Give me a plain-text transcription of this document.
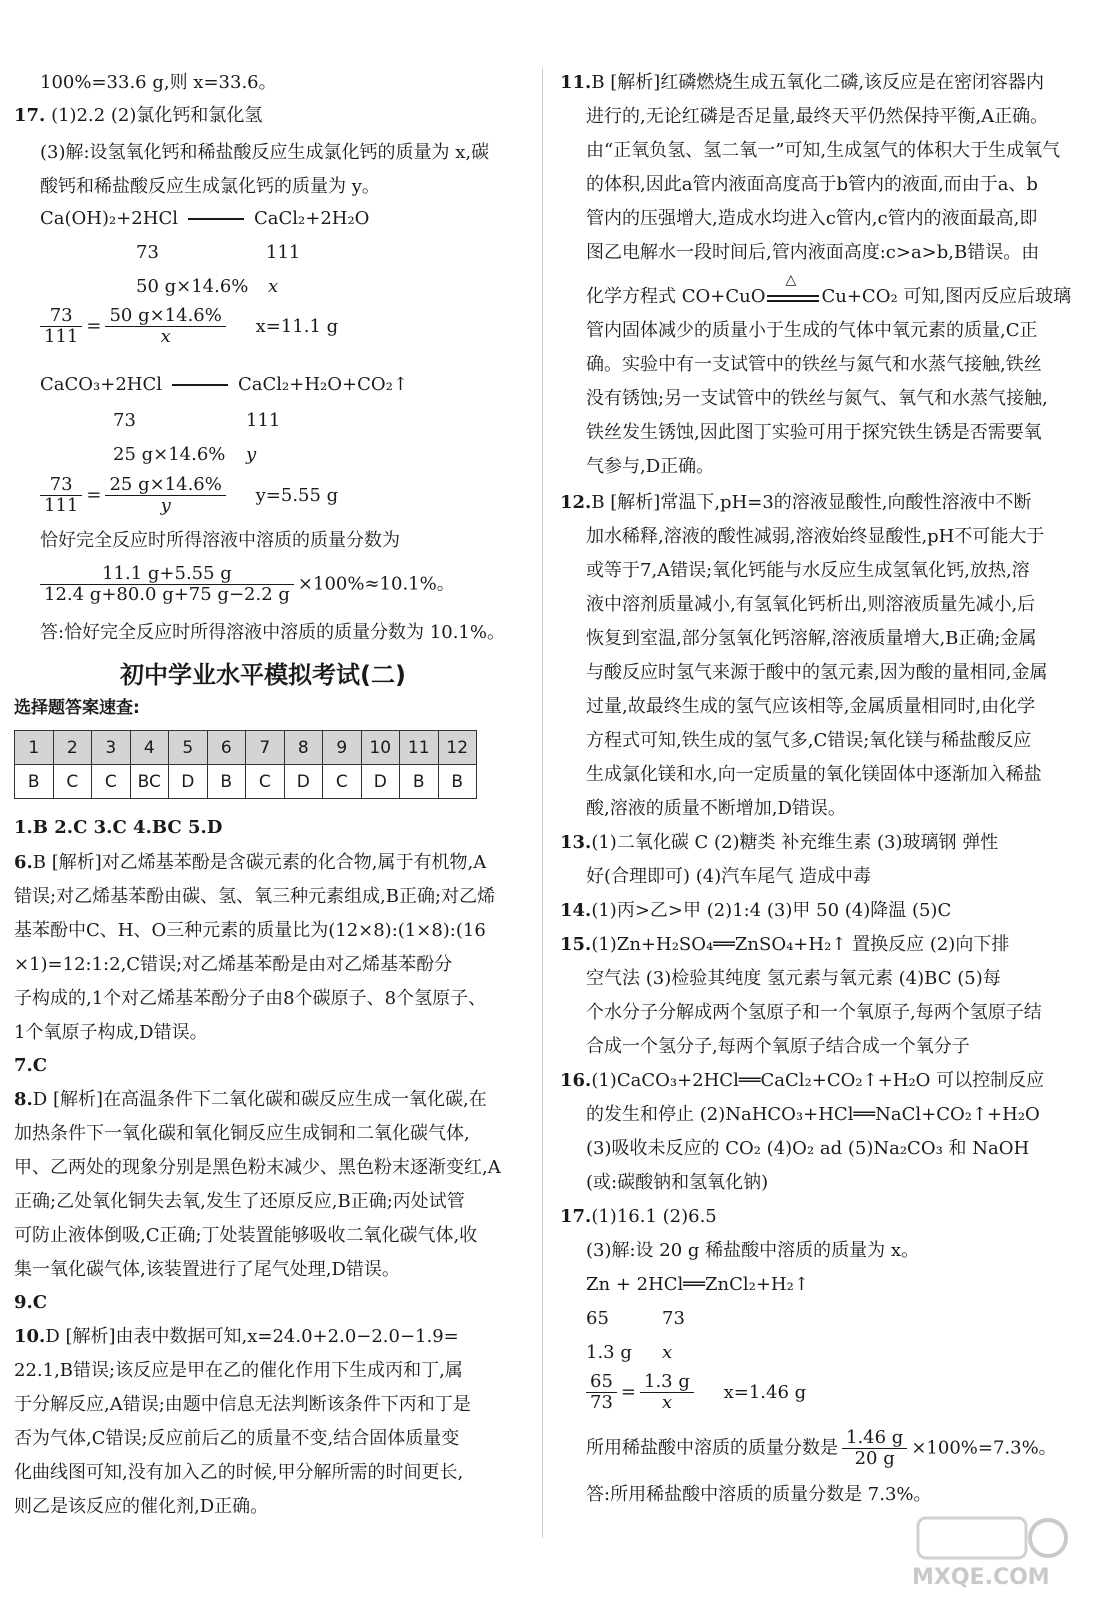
100%=33.6 g,则 x=33.6。
17. (1)2.2 (2)氯化钙和氯化氢
(3)解:设氢氧化钙和稀盐酸反应生成氯化钙的质量为 x,碳
酸钙和稀盐酸反应生成氯化钙的质量为 y。
Ca(OH)₂+2HCl	CaCl₂+2H₂O
73	111
50 g×14.6% x
$\frac{73}{111} = \frac{50 g\times 14.6\%}{x} x=11.1$ g
CaCO₃+2HCl	CaCl₂+H₂O+CO₂↑
73	111
25 g×14.6% y
$\frac{73}{111} = \frac{25 g\times 14.6\%}{y} y=5.55$ g
恰好完全反应时所得溶液中溶质的质量分数为
$\frac{11.1 g+5.55 g}{12.4 g+80.0 g+75 g-2.2 g} \times 100\%\approx 10.1\%$。
答:恰好完全反应时所得溶液中溶质的质量分数为 10.1%。
初中学业水平模拟考试(二)
选择题答案速查:
1	2	3	4	5	6	7	8	9	10	11	12
B	C	C	BC	D	B	C	D	C	D	B	B
1.B 2.C 3.C 4.BC 5.D
6.B [解析]对乙烯基苯酚是含碳元素的化合物,属于有机物,A
错误;对乙烯基苯酚由碳、氢、氧三种元素组成,B正确;对乙烯
基苯酚中C、H、O三种元素的质量比为(12×8):(1×8):(16
×1)=12:1:2,C错误;对乙烯基苯酚是由对乙烯基苯酚分
子构成的,1个对乙烯基苯酚分子由8个碳原子、8个氢原子、
1个氧原子构成,D错误。
7.C
8.D [解析]在高温条件下二氧化碳和碳反应生成一氧化碳,在
加热条件下一氧化碳和氧化铜反应生成铜和二氧化碳气体,
甲、乙两处的现象分别是黑色粉末减少、黑色粉末逐渐变红,A
正确;乙处氧化铜失去氧,发生了还原反应,B正确;丙处试管
可防止液体倒吸,C正确;丁处装置能够吸收二氧化碳气体,收
集一氧化碳气体,该装置进行了尾气处理,D错误。
9.C
10.D [解析]由表中数据可知,x=24.0+2.0−2.0−1.9=
22.1,B错误;该反应是甲在乙的催化作用下生成丙和丁,属
于分解反应,A错误;由题中信息无法判断该条件下丙和丁是
否为气体,C错误;反应前后乙的质量不变,结合固体质量变
化曲线图可知,没有加入乙的时候,甲分解所需的时间更长,
则乙是该反应的催化剂,D正确。
11.B [解析]红磷燃烧生成五氧化二磷,该反应是在密闭容器内
进行的,无论红磷是否足量,最终天平仍然保持平衡,A正确。
由“正氧负氢、氢二氧一”可知,生成氢气的体积大于生成氧气
的体积,因此a管内液面高度高于b管内的液面,而由于a、b
管内的压强增大,造成水均进入c管内,c管内的液面最高,即
图乙电解水一段时间后,管内液面高度:c>a>b,B错误。由
化学方程式 CO+CuO
△
Cu+CO₂ 可知,图丙反应后玻璃
管内固体减少的质量小于生成的气体中氧元素的质量,C正
确。实验中有一支试管中的铁丝与氮气和水蒸气接触,铁丝
没有锈蚀;另一支试管中的铁丝与氮气、氧气和水蒸气接触,
铁丝发生锈蚀,因此图丁实验可用于探究铁生锈是否需要氧
气参与,D正确。
12.B [解析]常温下,pH=3的溶液显酸性,向酸性溶液中不断
加水稀释,溶液的酸性减弱,溶液始终显酸性,pH不可能大于
或等于7,A错误;氧化钙能与水反应生成氢氧化钙,放热,溶
液中溶剂质量减小,有氢氧化钙析出,则溶液质量先减小,后
恢复到室温,部分氢氧化钙溶解,溶液质量增大,B正确;金属
与酸反应时氢气来源于酸中的氢元素,因为酸的量相同,金属
过量,故最终生成的氢气应该相等,金属质量相同时,由化学
方程式可知,铁生成的氢气多,C错误;氧化镁与稀盐酸反应
生成氯化镁和水,向一定质量的氧化镁固体中逐渐加入稀盐
酸,溶液的质量不断增加,D错误。
13.(1)二氧化碳 C (2)糖类 补充维生素 (3)玻璃钢 弹性
好(合理即可) (4)汽车尾气 造成中毒
14.(1)丙>乙>甲 (2)1:4 (3)甲 50 (4)降温 (5)C
15.(1)Zn+H₂SO₄══ZnSO₄+H₂↑ 置换反应 (2)向下排
空气法 (3)检验其纯度 氢元素与氧元素 (4)BC (5)每
个水分子分解成两个氢原子和一个氧原子,每两个氢原子结
合成一个氢分子,每两个氧原子结合成一个氧分子
16.(1)CaCO₃+2HCl══CaCl₂+CO₂↑+H₂O 可以控制反应
的发生和停止 (2)NaHCO₃+HCl══NaCl+CO₂↑+H₂O
(3)吸收未反应的 CO₂ (4)O₂ ad (5)Na₂CO₃ 和 NaOH
(或:碳酸钠和氢氧化钠)
17.(1)16.1 (2)6.5
(3)解:设 20 g 稀盐酸中溶质的质量为 x。
Zn + 2HCl══ZnCl₂+H₂↑
65	73
1.3 g x
$\frac{65}{73} = \frac{1.3 g}{x} x=1.46$ g
所用稀盐酸中溶质的质量分数是 $\frac{1.46 g}{20 g} \times 100\%=7.3\%$。
答:所用稀盐酸中溶质的质量分数是 7.3%。
MXQE.COM
